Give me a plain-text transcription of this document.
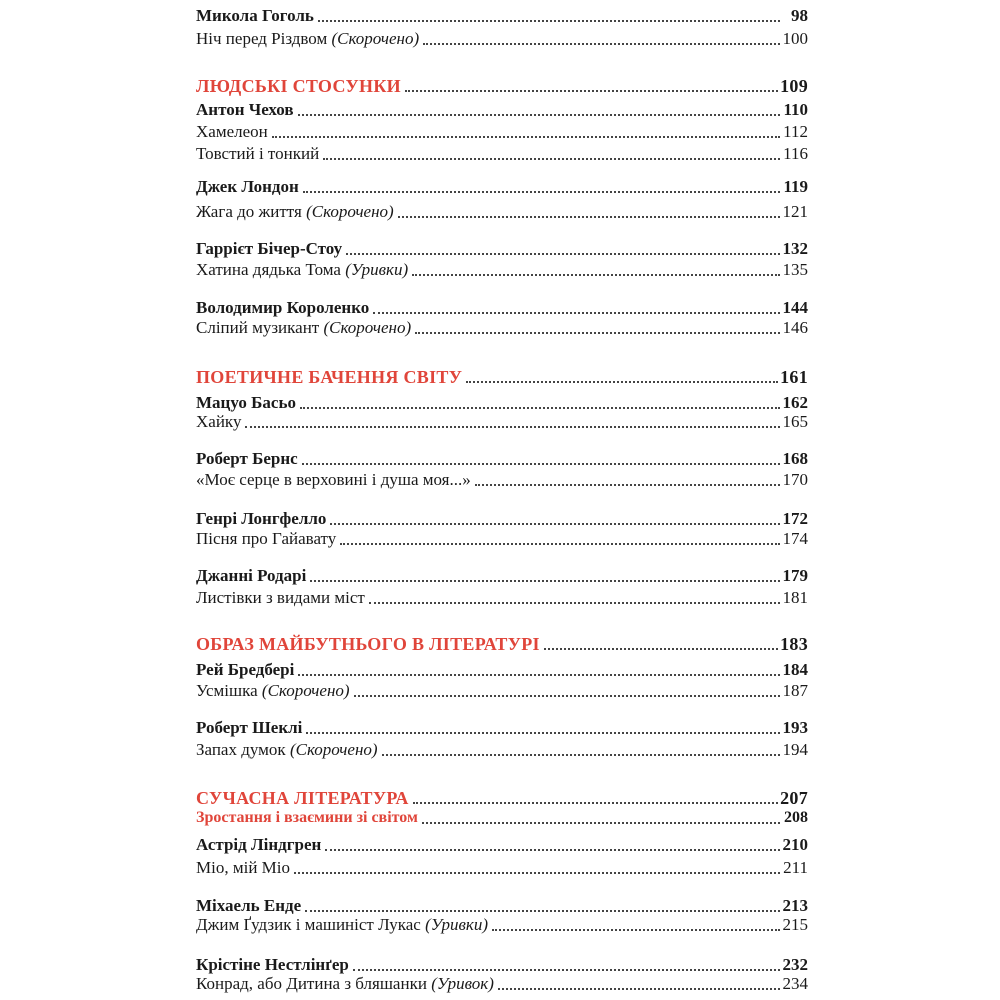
Микола Гоголь	98
Ніч перед Різдвом (Скорочено)	100
ЛЮДСЬКІ СТОСУНКИ	109
Антон Чехов	110
Хамелеон	112
Товстий і тонкий	116
Джек Лондон	119
Жага до життя (Скорочено)	121
Гаррієт Бічер-Стоу	132
Хатина дядька Тома (Уривки)	135
Володимир Короленко	144
Сліпий музикант (Скорочено)	146
ПОЕТИЧНЕ БАЧЕННЯ СВІТУ	161
Мацуо Басьо	162
Хайку	165
Роберт Бернс	168
«Моє серце в верховині і душа моя...»	170
Генрі Лонгфелло	172
Пісня про Гайавату	174
Джанні Родарі	179
Листівки з видами міст	181
ОБРАЗ МАЙБУТНЬОГО В ЛІТЕРАТУРІ	183
Рей Бредбері	184
Усмішка (Скорочено)	187
Роберт Шеклі	193
Запах думок (Скорочено)	194
СУЧАСНА ЛІТЕРАТУРА	207
Зростання і взаємини зі світом	208
Астрід Ліндгрен	210
Міо, мій Міо	211
Міхаель Енде	213
Джим Ґудзик і машиніст Лукас (Уривки)	215
Крістіне Нестлінґер	232
Конрад, або Дитина з бляшанки (Уривок)	234
